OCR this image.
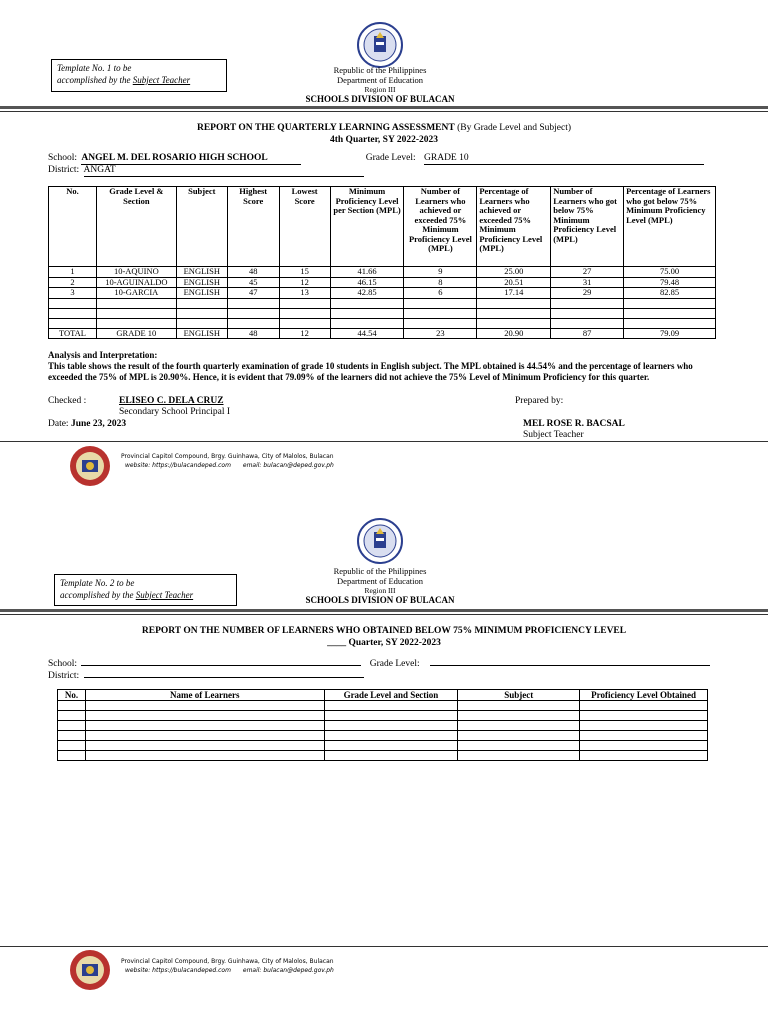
Template No. 1 to be
accomplished by the Subject Teacher
Republic of the Philippines
Department of Education
Region III
SCHOOLS DIVISION OF BULACAN
REPORT ON THE QUARTERLY LEARNING ASSESSMENT (By Grade Level and Subject)
4th Quarter, SY 2022-2023
School: ANGEL M. DEL ROSARIO HIGH SCHOOL	Grade Level: GRADE 10
District: ANGAT
No.	Grade Level & Section	Subject	Highest Score	Lowest Score	Minimum Proficiency Level per Section (MPL)	Number of Learners who achieved or exceeded 75% Minimum Proficiency Level (MPL)	Percentage of Learners who achieved or exceeded 75% Minimum Proficiency Level (MPL)	Number of Learners who got below 75% Minimum Proficiency Level (MPL)	Percentage of Learners who got below 75% Minimum Proficiency Level (MPL)
1	10-AQUINO	ENGLISH	48	15	41.66	9	25.00	27	75.00
2	10-AGUINALDO	ENGLISH	45	12	46.15	8	20.51	31	79.48
3	10-GARCIA	ENGLISH	47	13	42.85	6	17.14	29	82.85

TOTAL	GRADE 10	ENGLISH	48	12	44.54	23	20.90	87	79.09
Analysis and Interpretation:
This table shows the result of the fourth quarterly examination of grade 10 students in English subject. The MPL obtained is 44.54% and the percentage of learners who exceeded the 75% of MPL is 20.90%. Hence, it is evident that 79.09% of the learners did not achieve the 75% Level of Minimum Proficiency for this quarter.
Checked :	ELISEO C. DELA CRUZ
Secondary School Principal I
Date: June 23, 2023
Prepared by:
MEL ROSE R. BACSAL
Subject Teacher
Provincial Capitol Compound, Brgy. Guinhawa, City of Malolos, Bulacan
website: https://bulacandeped.com email: bulacan@deped.gov.ph
Template No. 2 to be
accomplished by the Subject Teacher
Republic of the Philippines
Department of Education
Region III
SCHOOLS DIVISION OF BULACAN
REPORT ON THE NUMBER OF LEARNERS WHO OBTAINED BELOW 75% MINIMUM PROFICIENCY LEVEL
____ Quarter, SY 2022-2023
School:	Grade Level:
District:
No.	Name of Learners	Grade Level and Section	Subject	Proficiency Level Obtained

Provincial Capitol Compound, Brgy. Guinhawa, City of Malolos, Bulacan
website: https://bulacandeped.com email: bulacan@deped.gov.ph
